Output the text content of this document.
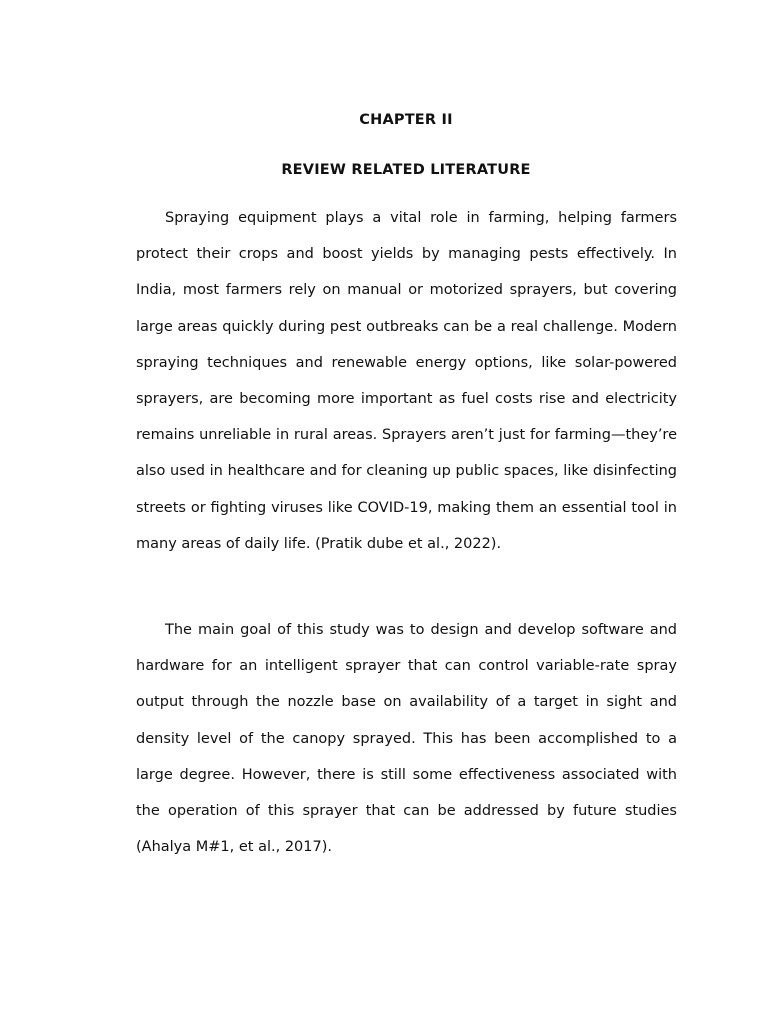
CHAPTER II
REVIEW RELATED LITERATURE

Spraying equipment plays a vital role in farming, helping farmers protect their crops and boost yields by managing pests effectively. In India, most farmers rely on manual or motorized sprayers, but covering large areas quickly during pest outbreaks can be a real challenge. Modern spraying techniques and renewable energy options, like solar-powered sprayers, are becoming more important as fuel costs rise and electricity remains unreliable in rural areas. Sprayers aren’t just for farming—they’re also used in healthcare and for cleaning up public spaces, like disinfecting streets or fighting viruses like COVID-19, making them an essential tool in many areas of daily life. (Pratik dube et al., 2022).

The main goal of this study was to design and develop software and hardware for an intelligent sprayer that can control variable-rate spray output through the nozzle base on availability of a target in sight and density level of the canopy sprayed. This has been accomplished to a large degree. However, there is still some effectiveness associated with the operation of this sprayer that can be addressed by future studies (Ahalya M#1, et al., 2017).
